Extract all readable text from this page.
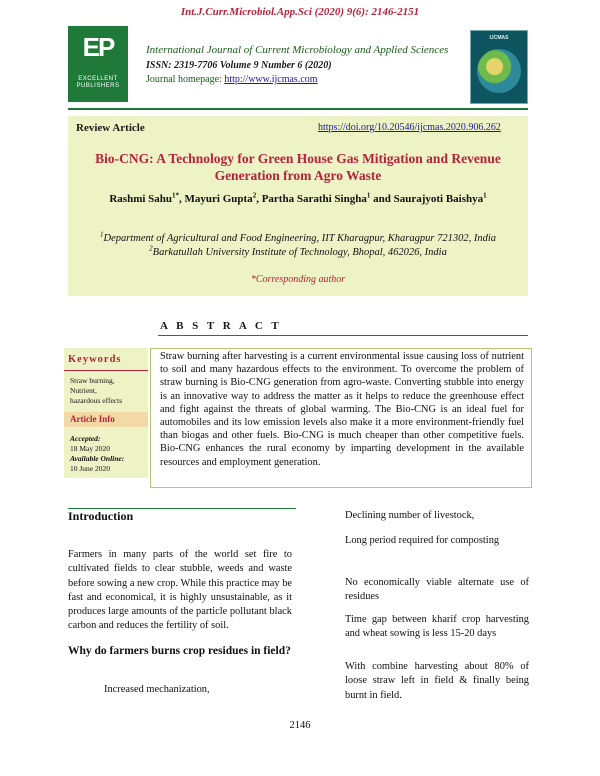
Int.J.Curr.Microbiol.App.Sci (2020) 9(6): 2146-2151
EP
EXCELLENT PUBLISHERS
International Journal of Current Microbiology and Applied Sciences
ISSN: 2319-7706 Volume 9 Number 6 (2020)
Journal homepage: http://www.ijcmas.com
IJCMAS
Review Article	https://doi.org/10.20546/ijcmas.2020.906.262
Bio-CNG: A Technology for Green House Gas Mitigation and Revenue Generation from Agro Waste
Rashmi Sahu$^{1*}$, Mayuri Gupta$^2$, Partha Sarathi Singha$^1$ and Saurajyoti Baishya$^1$
$^1$Department of Agricultural and Food Engineering, IIT Kharagpur, Kharagpur 721302, India
$^2$Barkatullah University Institute of Technology, Bhopal, 462026, India
*Corresponding author
A B S T R A C T
Keywords
Straw burning,
Nutrient,
hazardous effects
Article Info
Accepted:
18 May 2020
Available Online:
10 June 2020
Straw burning after harvesting is a current environmental issue causing loss of nutrient to soil and many hazardous effects to the environment. To overcome the problem of straw burning is Bio-CNG generation from agro-waste. Converting stubble into energy is an innovative way to address the matter as it helps to reduce the greenhouse effect and fight against the threats of global warming. The Bio-CNG is an ideal fuel for automobiles and its low emission levels also make it a more environment-friendly fuel than biogas and other fuels. Bio-CNG is much cheaper than other competitive fuels. Bio-CNG enhances the rural economy by imparting development in the available resources and employment generation.
Introduction
Farmers in many parts of the world set fire to cultivated fields to clear stubble, weeds and waste before sowing a new crop. While this practice may be fast and economical, it is highly unsustainable, as it produces large amounts of the particle pollutant black carbon and reduces the fertility of soil.
Why do farmers burns crop residues in field?
Increased mechanization,
Declining number of livestock,
Long period required for composting
No economically viable alternate use of residues
Time gap between kharif crop harvesting and wheat sowing is less 15-20 days
With combine harvesting about 80% of loose straw left in field & finally being burnt in field.
2146
